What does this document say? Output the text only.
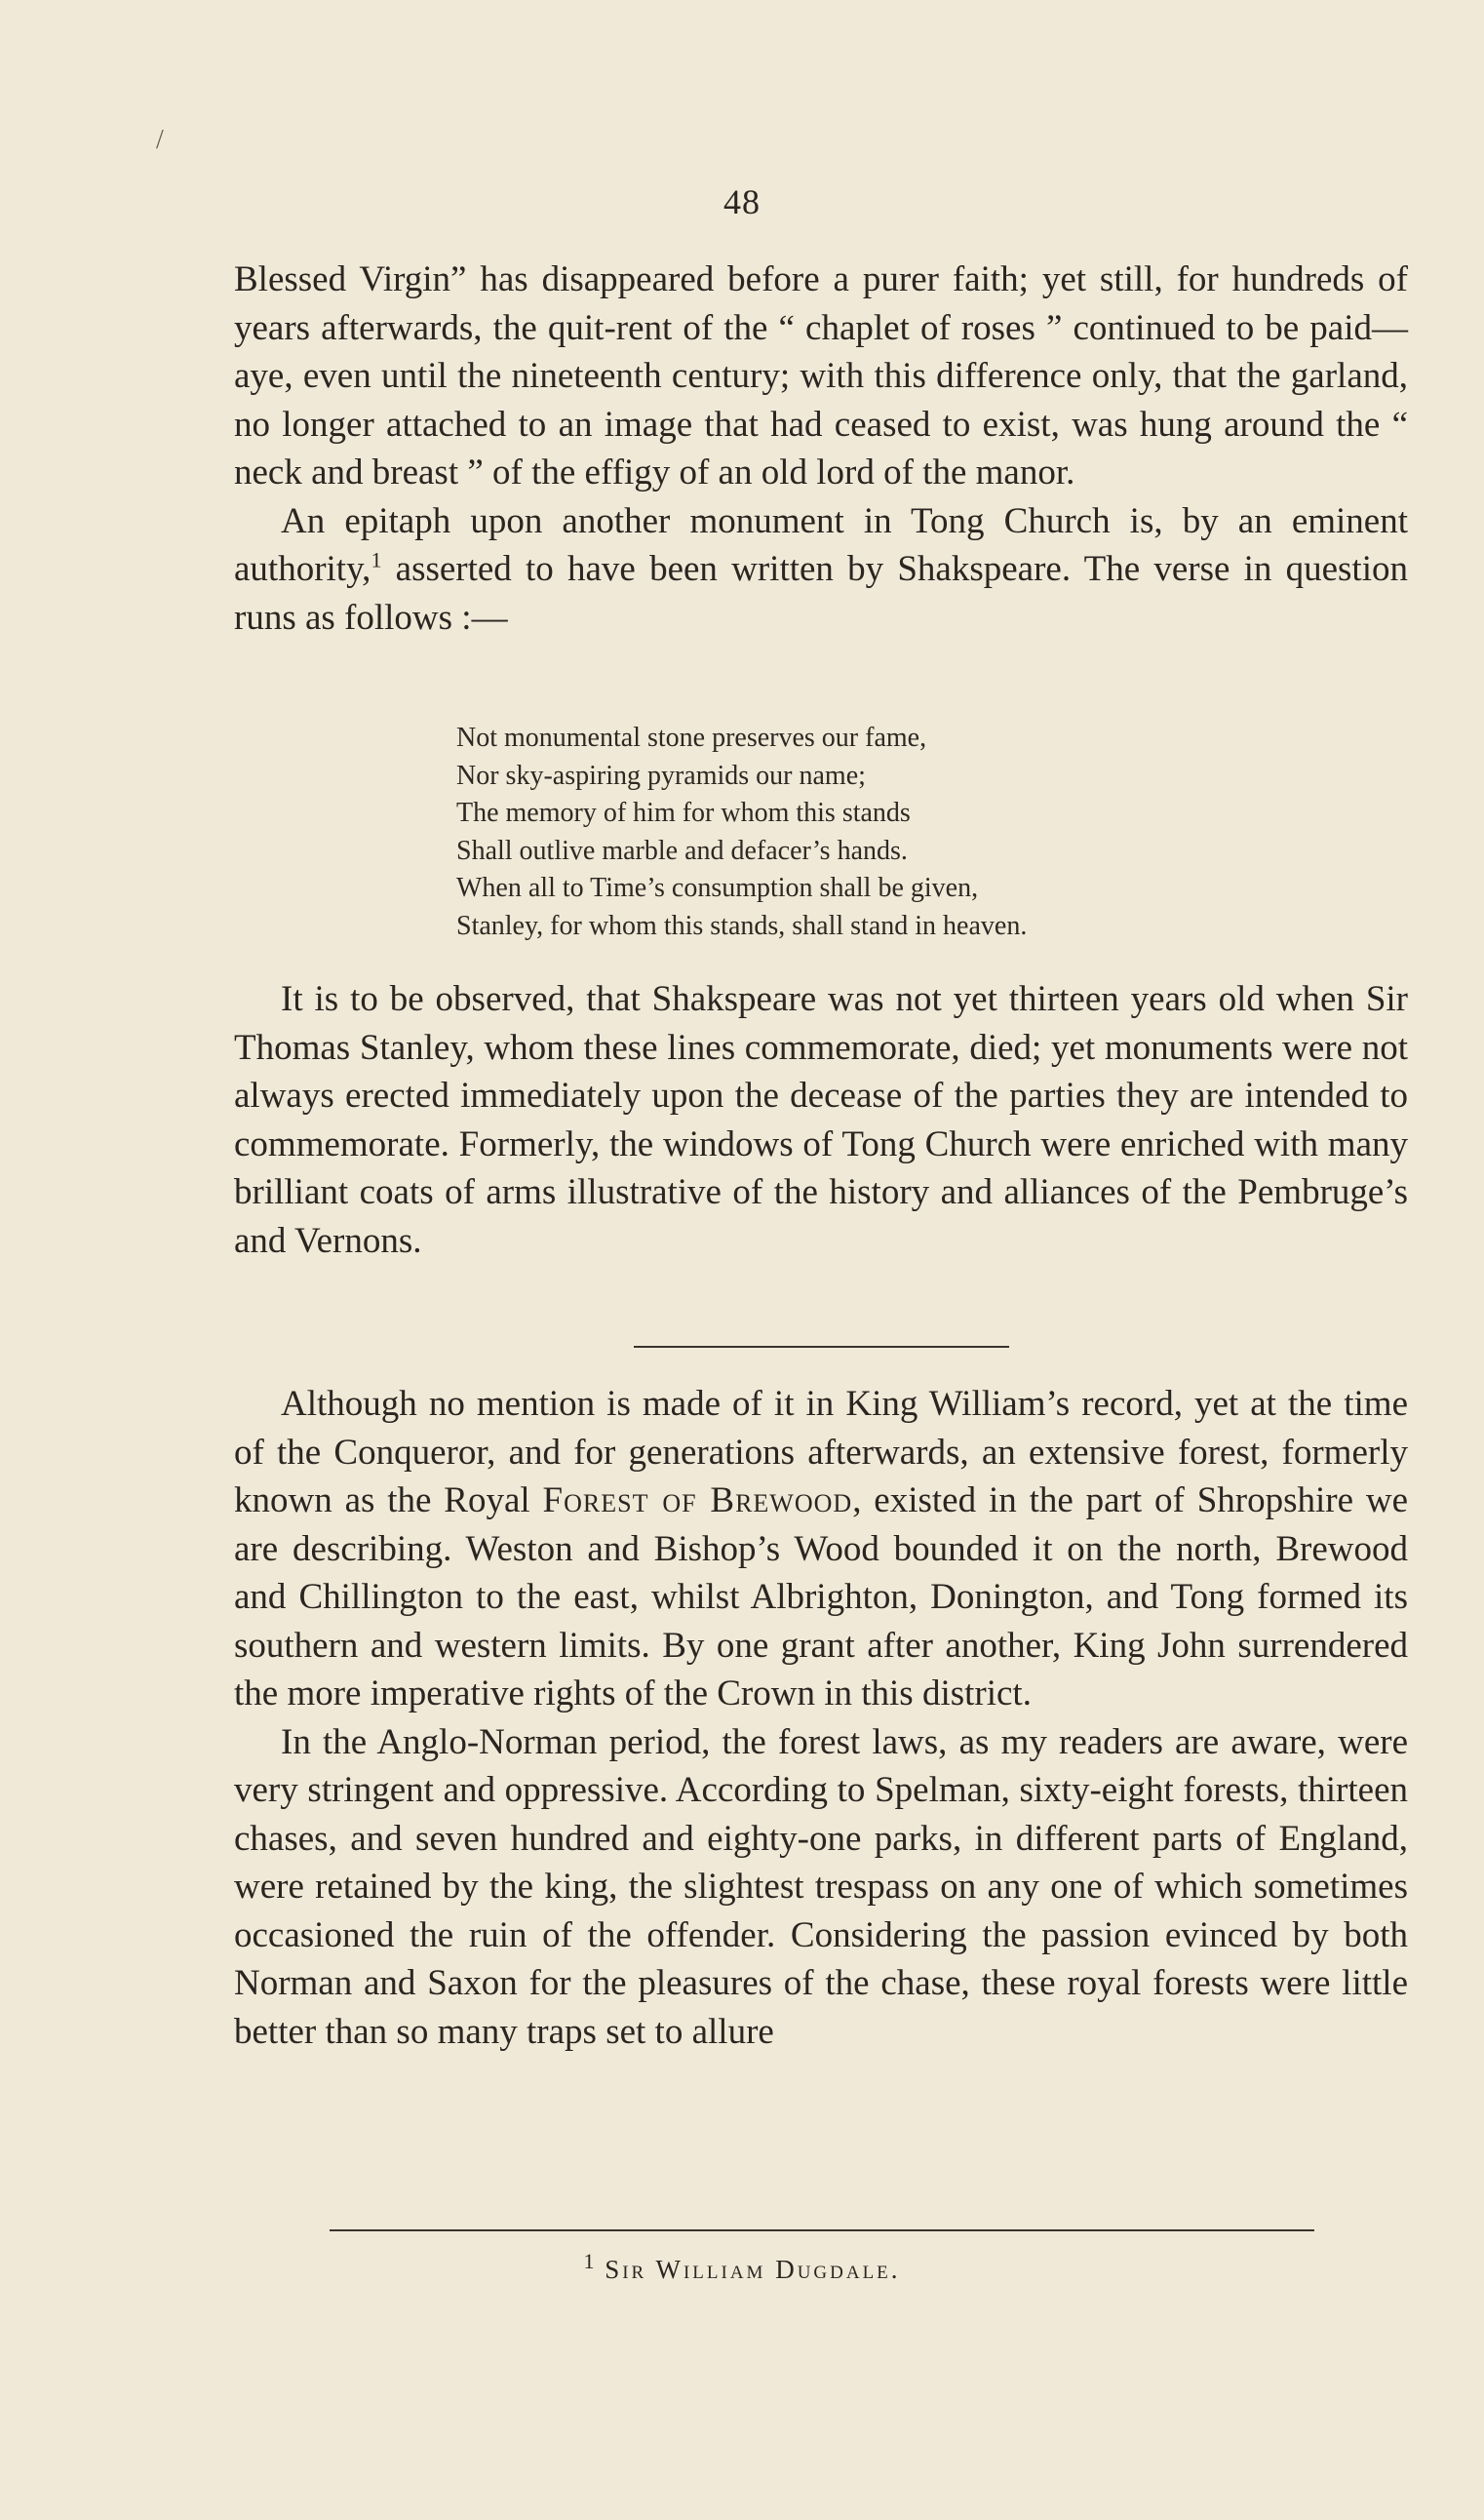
/
48

Blessed Virgin” has disappeared before a purer faith; yet still, for hundreds of years afterwards, the quit-rent of the “ chaplet of roses ” continued to be paid—aye, even until the nineteenth century; with this difference only, that the garland, no longer attached to an image that had ceased to exist, was hung around the “ neck and breast ” of the effigy of an old lord of the manor.

An epitaph upon another monument in Tong Church is, by an eminent authority,$^1$ asserted to have been written by Shakspeare. The verse in question runs as follows :—

Not monumental stone preserves our fame,
Nor sky-aspiring pyramids our name;
The memory of him for whom this stands
Shall outlive marble and defacer’s hands.
When all to Time’s consumption shall be given,
Stanley, for whom this stands, shall stand in heaven.

It is to be observed, that Shakspeare was not yet thirteen years old when Sir Thomas Stanley, whom these lines commemorate, died; yet monuments were not always erected immediately upon the decease of the parties they are intended to commemorate. Formerly, the windows of Tong Church were enriched with many brilliant coats of arms illustrative of the history and alliances of the Pembruge’s and Vernons.

Although no mention is made of it in King William’s record, yet at the time of the Conqueror, and for generations afterwards, an extensive forest, formerly known as the Royal Forest of Brewood, existed in the part of Shropshire we are describing. Weston and Bishop’s Wood bounded it on the north, Brewood and Chillington to the east, whilst Albrighton, Donington, and Tong formed its southern and western limits. By one grant after another, King John surrendered the more imperative rights of the Crown in this district.

In the Anglo-Norman period, the forest laws, as my readers are aware, were very stringent and oppressive. According to Spelman, sixty-eight forests, thirteen chases, and seven hundred and eighty-one parks, in different parts of England, were retained by the king, the slightest trespass on any one of which sometimes occasioned the ruin of the offender. Considering the passion evinced by both Norman and Saxon for the pleasures of the chase, these royal forests were little better than so many traps set to allure

$^1$ Sir William Dugdale.
